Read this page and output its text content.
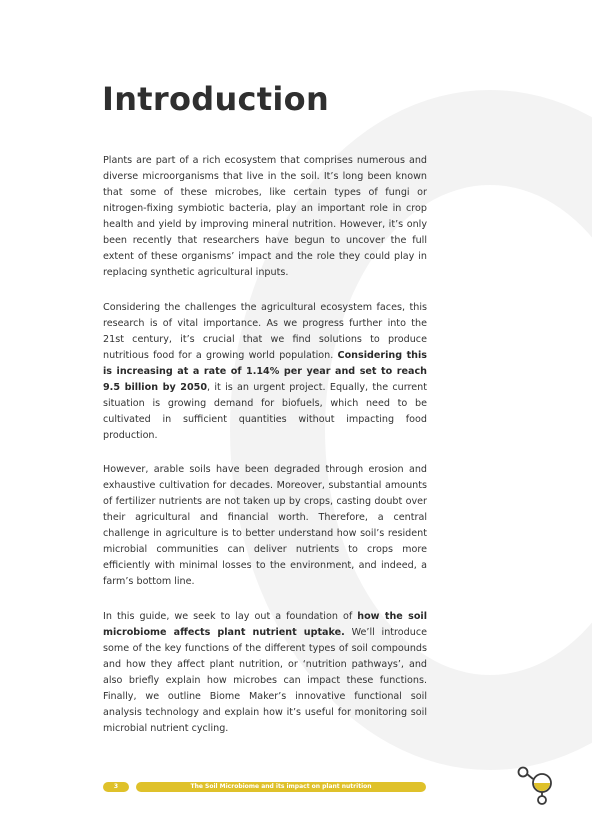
Introduction

Plants are part of a rich ecosystem that comprises numerous and diverse microorganisms that live in the soil. It’s long been known that some of these microbes, like certain types of fungi or nitrogen-fixing symbiotic bacteria, play an important role in crop health and yield by improving mineral nutrition. However, it’s only been recently that researchers have begun to uncover the full extent of these organisms’ impact and the role they could play in replacing synthetic agricultural inputs.

Considering the challenges the agricultural ecosystem faces, this research is of vital importance. As we progress further into the 21st century, it’s crucial that we find solutions to produce nutritious food for a growing world population. Considering this is increasing at a rate of 1.14% per year and set to reach 9.5 billion by 2050, it is an urgent project. Equally, the current situation is growing demand for biofuels, which need to be cultivated in sufficient quantities without impacting food production.

However, arable soils have been degraded through erosion and exhaustive cultivation for decades. Moreover, substantial amounts of fertilizer nutrients are not taken up by crops, casting doubt over their agricultural and financial worth. Therefore, a central challenge in agriculture is to better understand how soil’s resident microbial communities can deliver nutrients to crops more efficiently with minimal losses to the environment, and indeed, a farm’s bottom line.

In this guide, we seek to lay out a foundation of how the soil microbiome affects plant nutrient uptake. We’ll introduce some of the key functions of the different types of soil compounds and how they affect plant nutrition, or ‘nutrition pathways’, and also briefly explain how microbes can impact these functions. Finally, we outline Biome Maker’s innovative functional soil analysis technology and explain how it’s useful for monitoring soil microbial nutrient cycling.

3	The Soil Microbiome and its impact on plant nutrition
